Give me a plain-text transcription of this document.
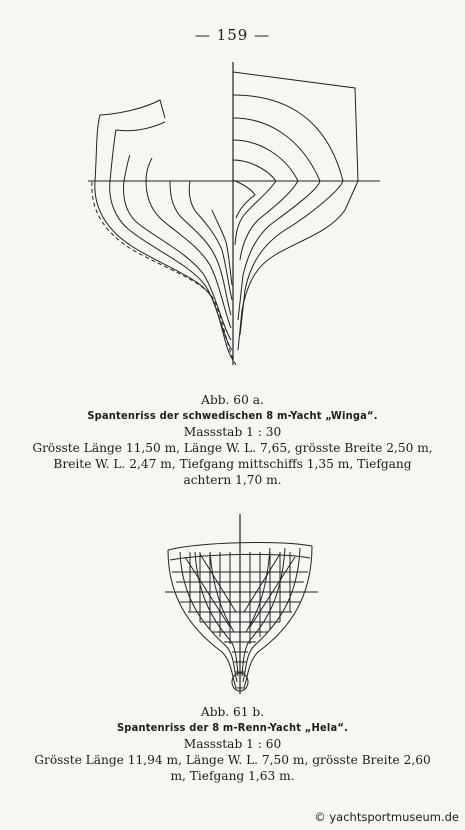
— 159 —
Abb. 60 a.
Spantenriss der schwedischen 8 m-Yacht „Winga“.
Massstab 1 : 30
Grösste Länge 11,50 m, Länge W. L. 7,65, grösste Breite 2,50 m, Breite W. L. 2,47 m, Tiefgang mittschiffs 1,35 m, Tiefgang achtern 1,70 m.
Abb. 61 b.
Spantenriss der 8 m-Renn-Yacht „Hela“.
Massstab 1 : 60
Grösste Länge 11,94 m, Länge W. L. 7,50 m, grösste Breite 2,60 m, Tiefgang 1,63 m.
© yachtsportmuseum.de
